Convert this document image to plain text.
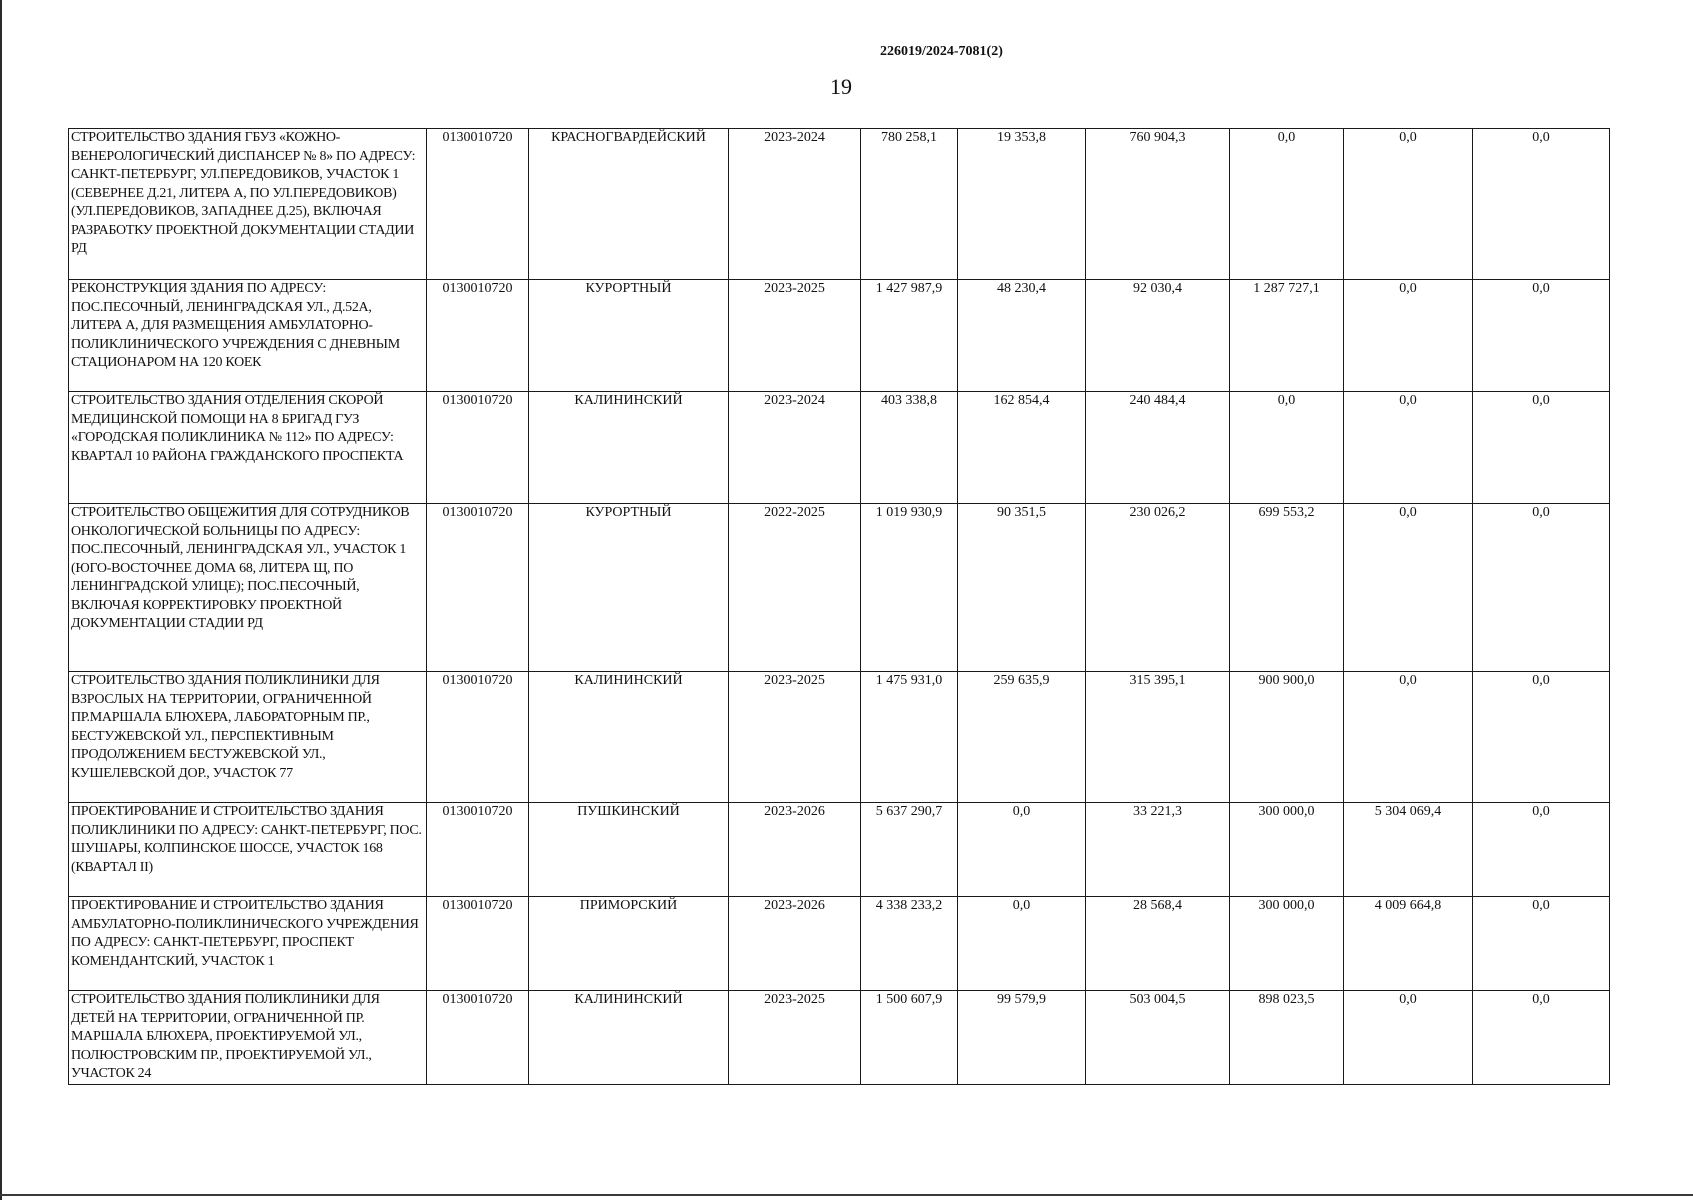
226019/2024-7081(2)
19
СТРОИТЕЛЬСТВО ЗДАНИЯ ГБУЗ «КОЖНО-ВЕНЕРОЛОГИЧЕСКИЙ ДИСПАНСЕР № 8» ПО АДРЕСУ: САНКТ-ПЕТЕРБУРГ, УЛ.ПЕРЕДОВИКОВ, УЧАСТОК 1 (СЕВЕРНЕЕ Д.21, ЛИТЕРА А, ПО УЛ.ПЕРЕДОВИКОВ) (УЛ.ПЕРЕДОВИКОВ, ЗАПАДНЕЕ Д.25), ВКЛЮЧАЯ РАЗРАБОТКУ ПРОЕКТНОЙ ДОКУМЕНТАЦИИ СТАДИИ РД	0130010720	КРАСНОГВАРДЕЙСКИЙ	2023-2024	780 258,1	19 353,8	760 904,3	0,0	0,0	0,0
РЕКОНСТРУКЦИЯ ЗДАНИЯ ПО АДРЕСУ: ПОС.ПЕСОЧНЫЙ, ЛЕНИНГРАДСКАЯ УЛ., Д.52А, ЛИТЕРА А, ДЛЯ РАЗМЕЩЕНИЯ АМБУЛАТОРНО-ПОЛИКЛИНИЧЕСКОГО УЧРЕЖДЕНИЯ С ДНЕВНЫМ СТАЦИОНАРОМ НА 120 КОЕК	0130010720	КУРОРТНЫЙ	2023-2025	1 427 987,9	48 230,4	92 030,4	1 287 727,1	0,0	0,0
СТРОИТЕЛЬСТВО ЗДАНИЯ ОТДЕЛЕНИЯ СКОРОЙ МЕДИЦИНСКОЙ ПОМОЩИ НА 8 БРИГАД ГУЗ «ГОРОДСКАЯ ПОЛИКЛИНИКА № 112» ПО АДРЕСУ: КВАРТАЛ 10 РАЙОНА ГРАЖДАНСКОГО ПРОСПЕКТА	0130010720	КАЛИНИНСКИЙ	2023-2024	403 338,8	162 854,4	240 484,4	0,0	0,0	0,0
СТРОИТЕЛЬСТВО ОБЩЕЖИТИЯ ДЛЯ СОТРУДНИКОВ ОНКОЛОГИЧЕСКОЙ БОЛЬНИЦЫ ПО АДРЕСУ: ПОС.ПЕСОЧНЫЙ, ЛЕНИНГРАДСКАЯ УЛ., УЧАСТОК 1 (ЮГО-ВОСТОЧНЕЕ ДОМА 68, ЛИТЕРА Щ, ПО ЛЕНИНГРАДСКОЙ УЛИЦЕ); ПОС.ПЕСОЧНЫЙ, ВКЛЮЧАЯ КОРРЕКТИРОВКУ ПРОЕКТНОЙ ДОКУМЕНТАЦИИ СТАДИИ РД	0130010720	КУРОРТНЫЙ	2022-2025	1 019 930,9	90 351,5	230 026,2	699 553,2	0,0	0,0
СТРОИТЕЛЬСТВО ЗДАНИЯ ПОЛИКЛИНИКИ ДЛЯ ВЗРОСЛЫХ НА ТЕРРИТОРИИ, ОГРАНИЧЕННОЙ ПР.МАРШАЛА БЛЮХЕРА, ЛАБОРАТОРНЫМ ПР., БЕСТУЖЕВСКОЙ УЛ., ПЕРСПЕКТИВНЫМ ПРОДОЛЖЕНИЕМ БЕСТУЖЕВСКОЙ УЛ., КУШЕЛЕВСКОЙ ДОР., УЧАСТОК 77	0130010720	КАЛИНИНСКИЙ	2023-2025	1 475 931,0	259 635,9	315 395,1	900 900,0	0,0	0,0
ПРОЕКТИРОВАНИЕ И СТРОИТЕЛЬСТВО ЗДАНИЯ ПОЛИКЛИНИКИ ПО АДРЕСУ: САНКТ-ПЕТЕРБУРГ, ПОС. ШУШАРЫ, КОЛПИНСКОЕ ШОССЕ, УЧАСТОК 168 (КВАРТАЛ II)	0130010720	ПУШКИНСКИЙ	2023-2026	5 637 290,7	0,0	33 221,3	300 000,0	5 304 069,4	0,0
ПРОЕКТИРОВАНИЕ И СТРОИТЕЛЬСТВО ЗДАНИЯ АМБУЛАТОРНО-ПОЛИКЛИНИЧЕСКОГО УЧРЕЖДЕНИЯ ПО АДРЕСУ: САНКТ-ПЕТЕРБУРГ, ПРОСПЕКТ КОМЕНДАНТСКИЙ, УЧАСТОК 1	0130010720	ПРИМОРСКИЙ	2023-2026	4 338 233,2	0,0	28 568,4	300 000,0	4 009 664,8	0,0
СТРОИТЕЛЬСТВО ЗДАНИЯ ПОЛИКЛИНИКИ ДЛЯ ДЕТЕЙ НА ТЕРРИТОРИИ, ОГРАНИЧЕННОЙ ПР. МАРШАЛА БЛЮХЕРА, ПРОЕКТИРУЕМОЙ УЛ., ПОЛЮСТРОВСКИМ ПР., ПРОЕКТИРУЕМОЙ УЛ., УЧАСТОК 24	0130010720	КАЛИНИНСКИЙ	2023-2025	1 500 607,9	99 579,9	503 004,5	898 023,5	0,0	0,0
